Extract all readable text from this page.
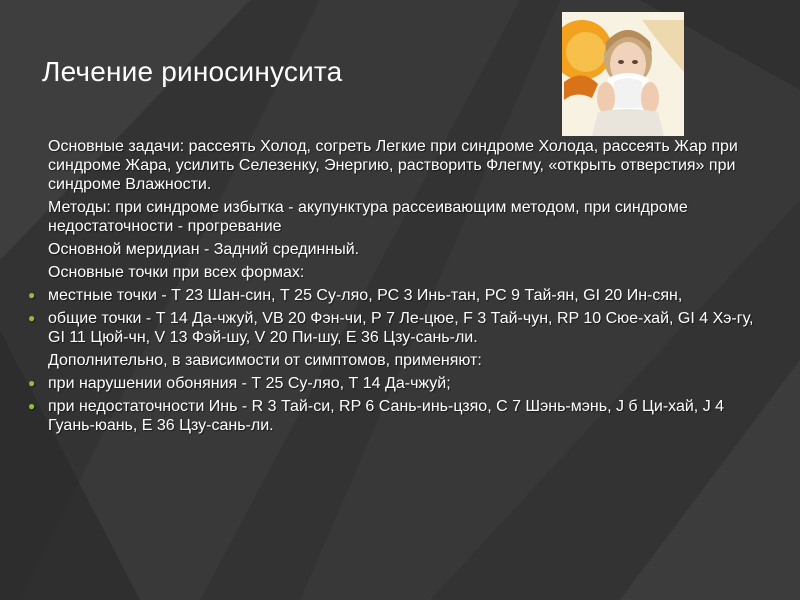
Лечение риносинусита
Основные задачи: рассеять Холод, согреть Легкие при синдроме Холода, рассеять Жар при синдроме Жара, усилить Селезенку, Энергию, растворить Флегму, «открыть отверстия» при синдроме Влажности.
Методы: при синдроме избытка - акупунктура рассеивающим методом, при синдроме недостаточности - прогревание
Основной меридиан - Задний срединный.
Основные точки при всех формах:
●
местные точки - Т 23 Шан-син, Т 25 Су-ляо, РС 3 Инь-тан, РС 9 Тай-ян, GI 20 Ин-сян,
●
общие точки - Т 14 Да-чжуй, VB 20 Фэн-чи, Р 7 Ле-цюе, F 3 Тай-чун, RP 10 Сюе-хай, GI 4 Хэ-гу, GI 11 Цюй-чн, V 13 Фэй-шу, V 20 Пи-шу, Е 36 Цзу-сань-ли.
Дополнительно, в зависимости от симптомов, применяют:
●
при нарушении обоняния - Т 25 Су-ляо, Т 14 Да-чжуй;
●
при недостаточности Инь - R 3 Тай-си, RP 6 Сань-инь-цзяо, С 7 Шэнь-мэнь, J б Ци-хай, J 4 Гуань-юань, Е 36 Цзу-сань-ли.
